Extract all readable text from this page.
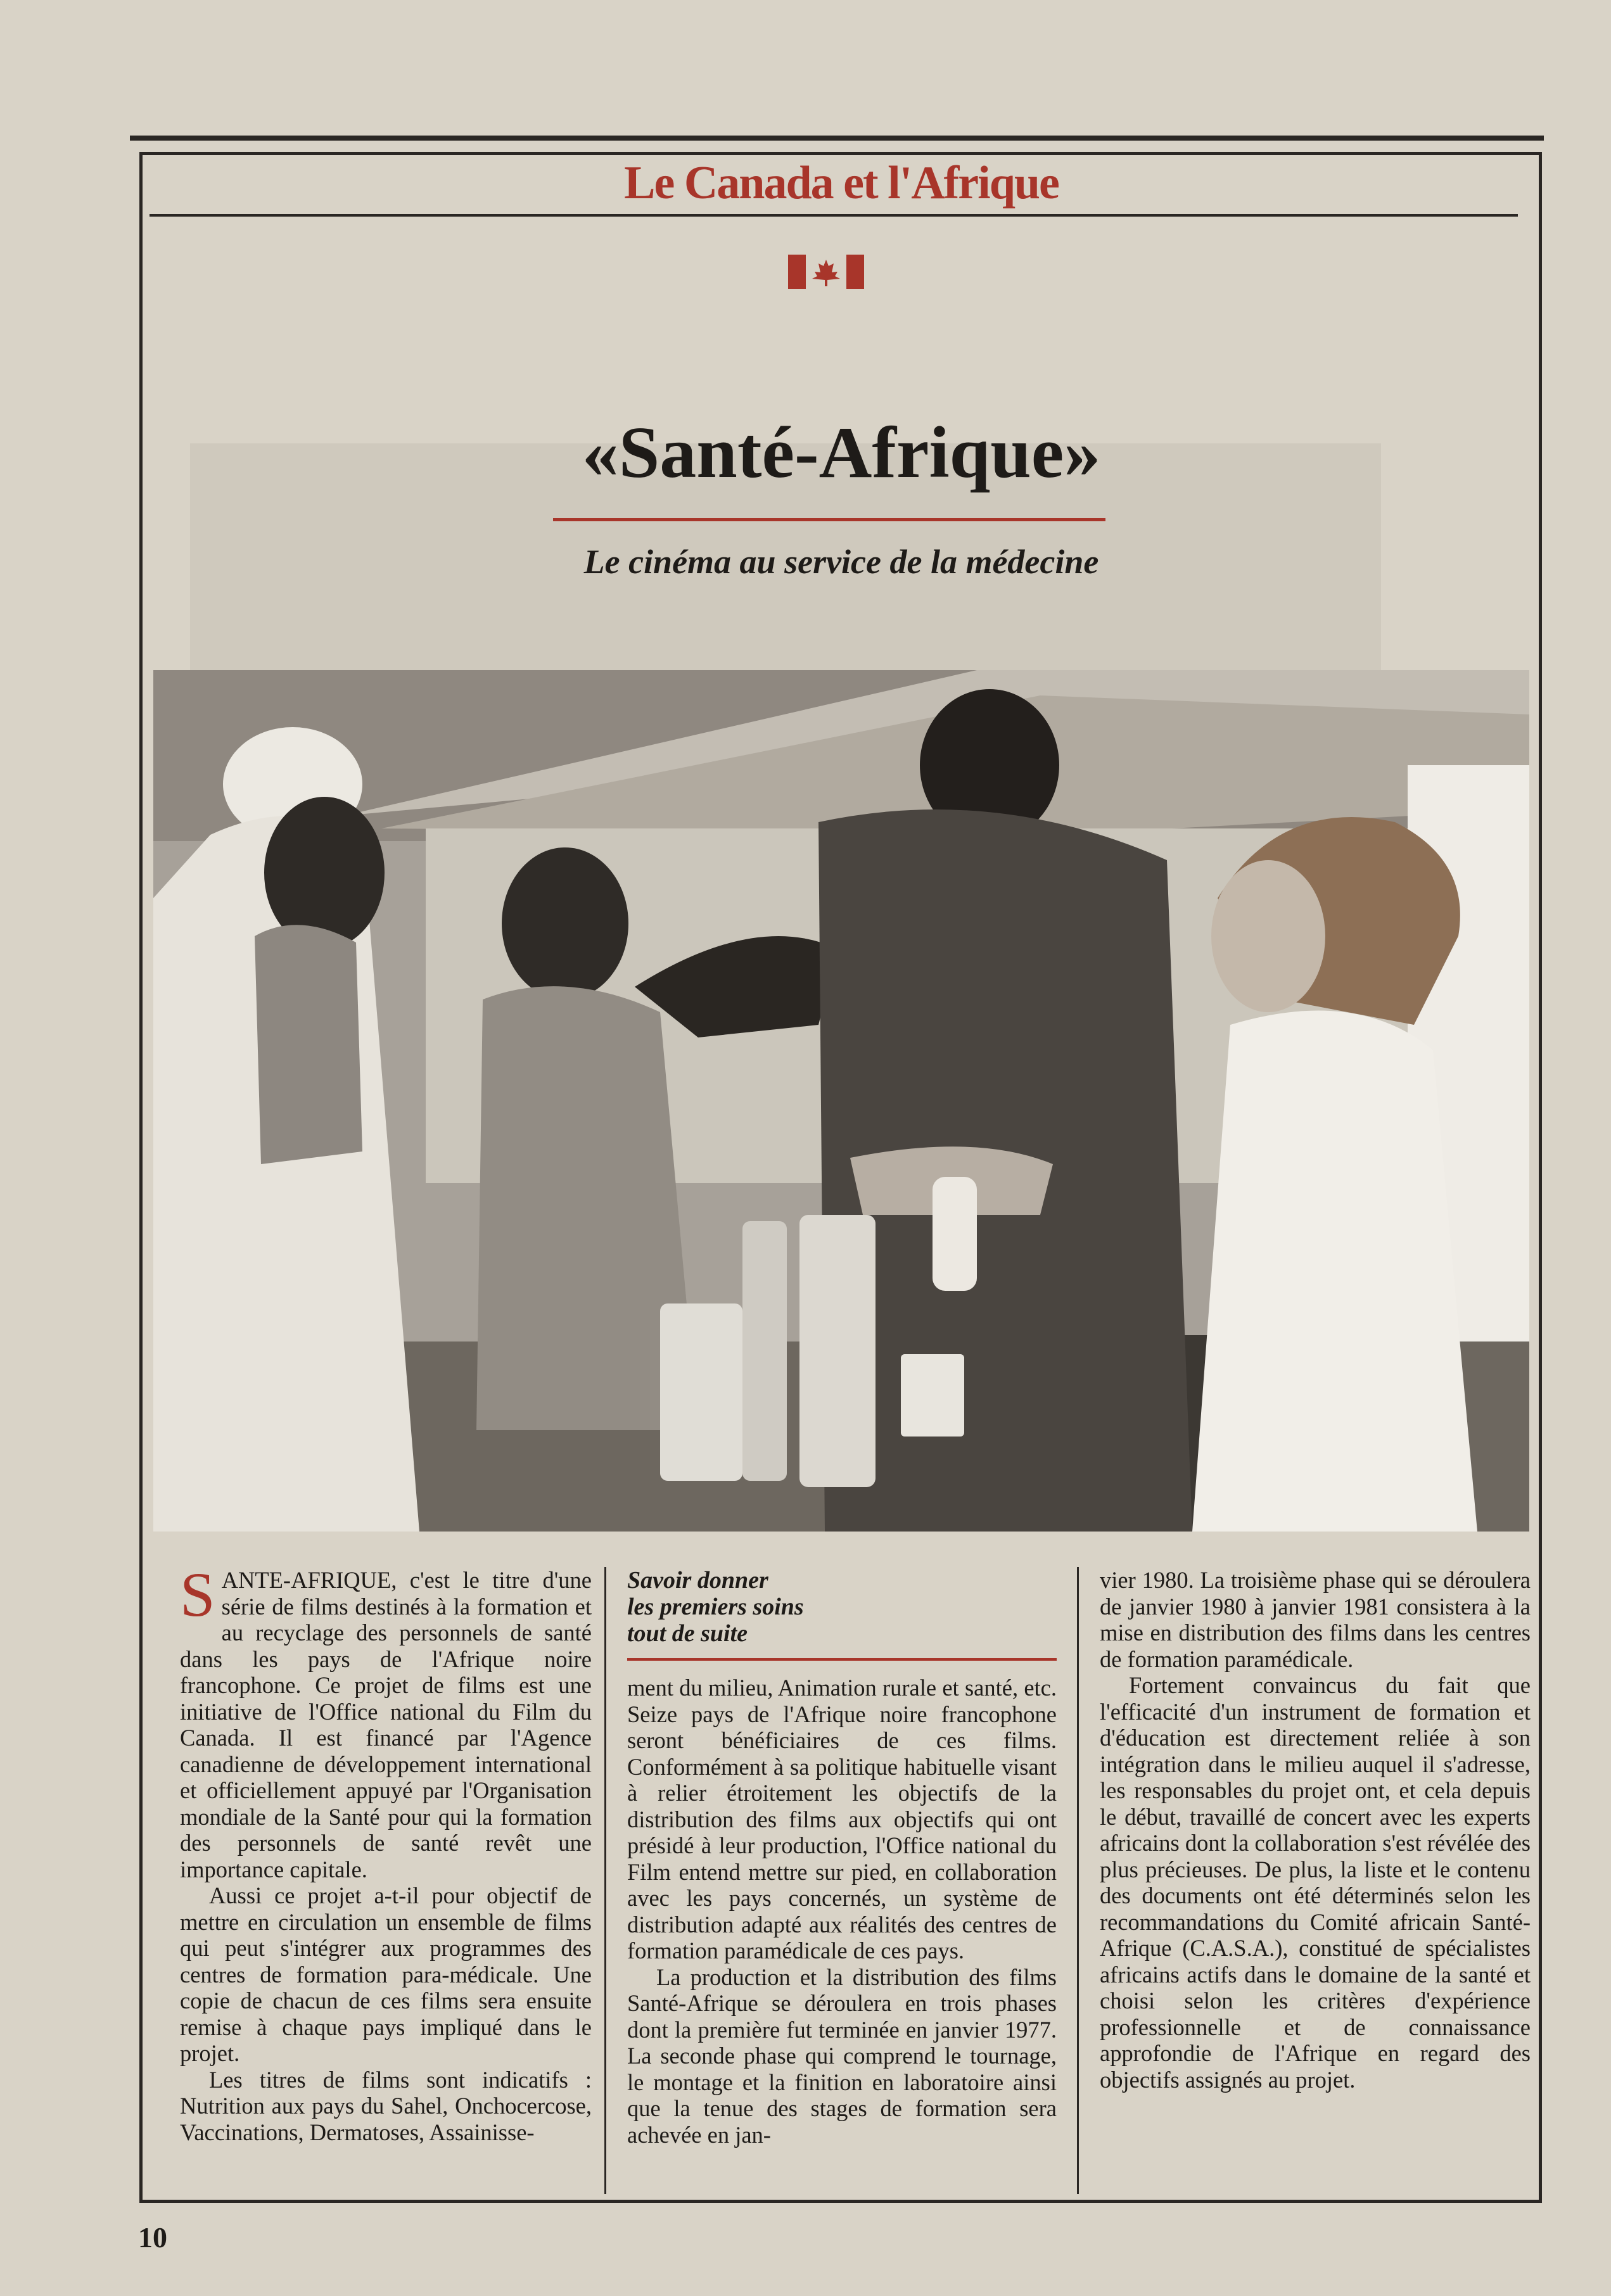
Le Canada et l'Afrique
«Santé-Afrique»
Le cinéma au service de la médecine

SANTE-AFRIQUE, c'est le titre d'une série de films destinés à la formation et au recyclage des personnels de santé dans les pays de l'Afrique noire francophone. Ce projet de films est une initiative de l'Office national du Film du Canada. Il est financé par l'Agence canadienne de développement international et officiellement appuyé par l'Organisation mondiale de la Santé pour qui la formation des personnels de santé revêt une importance capitale.

Aussi ce projet a-t-il pour objectif de mettre en circulation un ensemble de films qui peut s'intégrer aux programmes des centres de formation para-médicale. Une copie de chacun de ces films sera ensuite remise à chaque pays impliqué dans le projet.

Les titres de films sont indicatifs : Nutrition aux pays du Sahel, Onchocercose, Vaccinations, Dermatoses, Assainisse-

Savoir donner
les premiers soins
tout de suite

ment du milieu, Animation rurale et santé, etc. Seize pays de l'Afrique noire francophone seront bénéficiaires de ces films. Conformément à sa politique habituelle visant à relier étroitement les objectifs de la distribution des films aux objectifs qui ont présidé à leur production, l'Office national du Film entend mettre sur pied, en collaboration avec les pays concernés, un système de distribution adapté aux réalités des centres de formation paramédicale de ces pays.

La production et la distribution des films Santé-Afrique se déroulera en trois phases dont la première fut terminée en janvier 1977. La seconde phase qui comprend le tournage, le montage et la finition en laboratoire ainsi que la tenue des stages de formation sera achevée en jan-

vier 1980. La troisième phase qui se déroulera de janvier 1980 à janvier 1981 consistera à la mise en distribution des films dans les centres de formation paramédicale.

Fortement convaincus du fait que l'efficacité d'un instrument de formation et d'éducation est directement reliée à son intégration dans le milieu auquel il s'adresse, les responsables du projet ont, et cela depuis le début, travaillé de concert avec les experts africains dont la collaboration s'est révélée des plus précieuses. De plus, la liste et le contenu des documents ont été déterminés selon les recommandations du Comité africain Santé-Afrique (C.A.S.A.), constitué de spécialistes africains actifs dans le domaine de la santé et choisi selon les critères d'expérience professionnelle et de connaissance approfondie de l'Afrique en regard des objectifs assignés au projet.

10
